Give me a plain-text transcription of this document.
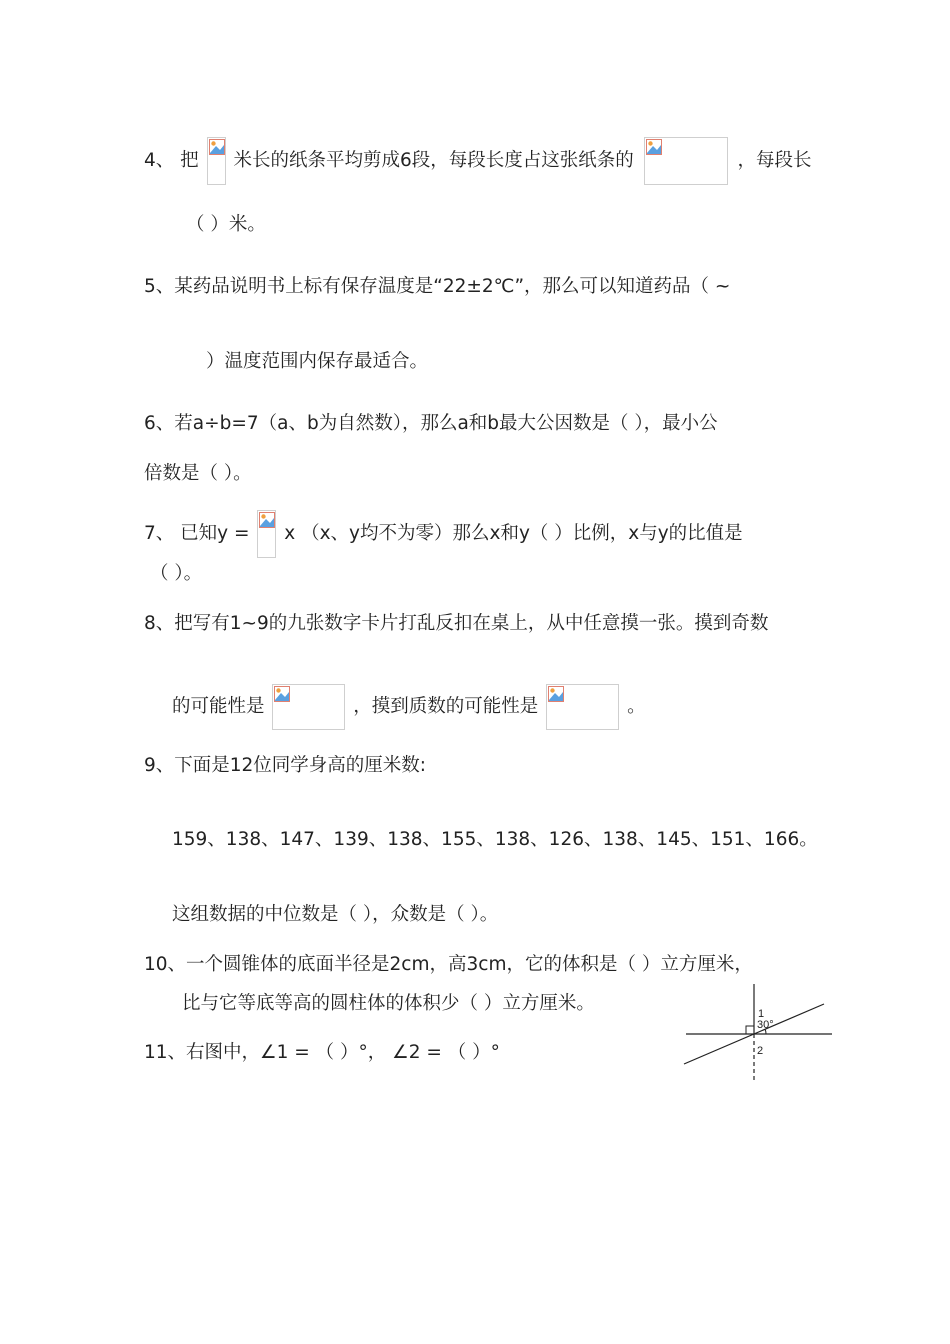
4、 把 米长的纸条平均剪成6段，每段长度占这张纸条的	，每段长
（ ）米。
5、某药品说明书上标有保存温度是“22±2℃”，那么可以知道药品（ ~
）温度范围内保存最适合。
6、若a÷b=7（a、b为自然数），那么a和b最大公因数是（ ），最小公
倍数是（ ）。
7、 已知y = x （x、y均不为零）那么x和y（ ）比例，x与y的比值是
（ ）。
8、把写有1~9的九张数字卡片打乱反扣在桌上，从中任意摸一张。摸到奇数
的可能性是	，摸到质数的可能性是	。
9、下面是12位同学身高的厘米数:
159、138、147、139、138、155、138、126、138、145、151、166。
这组数据的中位数是（ ），众数是（ ）。
10、一个圆锥体的底面半径是2cm，高3cm，它的体积是（ ）立方厘米，
比与它等底等高的圆柱体的体积少（ ）立方厘米。
11、右图中，∠1 = （ ）°， ∠2 = （ ）°
1
30°
2
